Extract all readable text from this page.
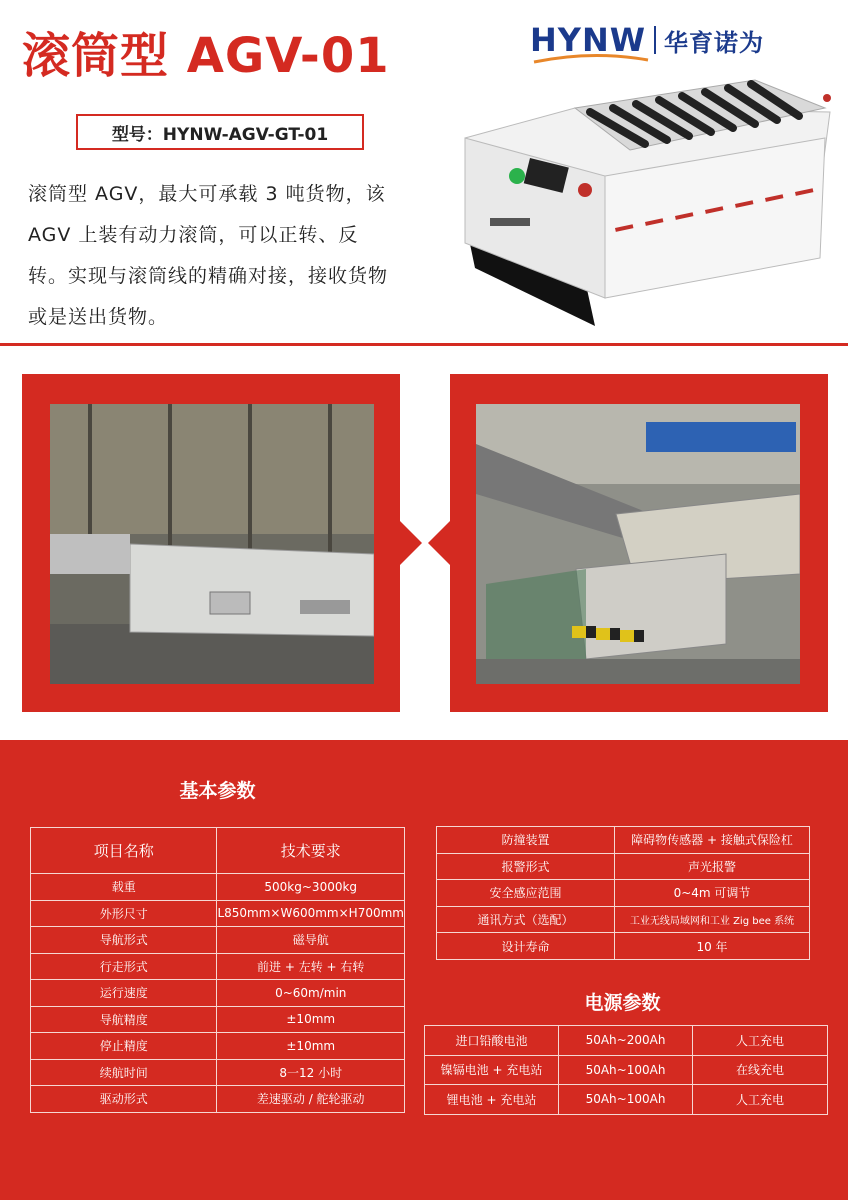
滚筒型 AGV-01	HYNW 华育诺为
型号：HYNW-AGV-GT-01

滚筒型 AGV，最大可承载 3 吨货物，该 AGV 上装有动力滚筒，可以正转、反转。实现与滚筒线的精确对接，接收货物或是送出货物。

基本参数
项目名称	技术要求
载重	500kg~3000kg
外形尺寸	L850mm×W600mm×H700mm
导航形式	磁导航
行走形式	前进 + 左转 + 右转
运行速度	0~60m/min
导航精度	±10mm
停止精度	±10mm
续航时间	8一12 小时
驱动形式	差速驱动 / 舵轮驱动
防撞装置	障碍物传感器 + 接触式保险杠
报警形式	声光报警
安全感应范围	0~4m 可调节
通讯方式（选配）	工业无线局域网和工业 Zig bee 系统
设计寿命	10 年
电源参数
进口铅酸电池	50Ah~200Ah	人工充电
镍镉电池 + 充电站	50Ah~100Ah	在线充电
锂电池 + 充电站	50Ah~100Ah	人工充电
